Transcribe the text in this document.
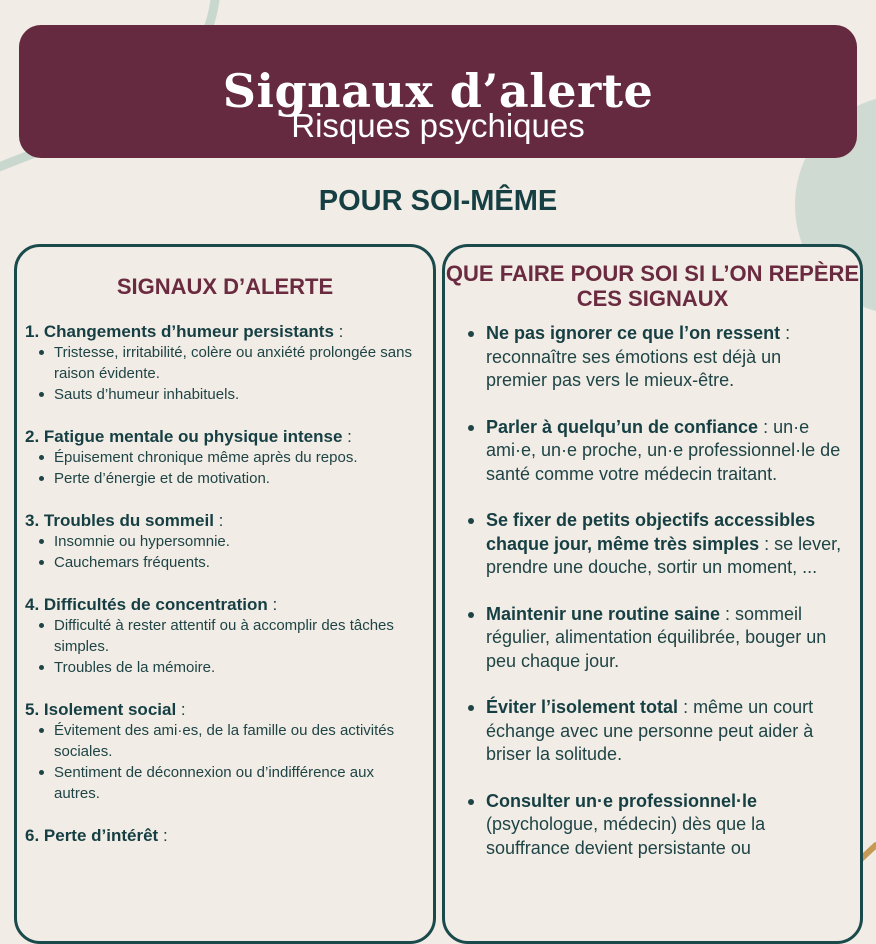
Signaux d’alerte
Risques psychiques
POUR SOI-MÊME
SIGNAUX D’ALERTE
1. Changements d’humeur persistants :
Tristesse, irritabilité, colère ou anxiété prolongée sans raison évidente.
Sauts d’humeur inhabituels.
2. Fatigue mentale ou physique intense :
Épuisement chronique même après du repos.
Perte d’énergie et de motivation.
3. Troubles du sommeil :
Insomnie ou hypersomnie.
Cauchemars fréquents.
4. Difficultés de concentration :
Difficulté à rester attentif ou à accomplir des tâches simples.
Troubles de la mémoire.
5. Isolement social :
Évitement des ami·es, de la famille ou des activités sociales.
Sentiment de déconnexion ou d’indifférence aux autres.
6. Perte d’intérêt :
QUE FAIRE POUR SOI SI L’ON REPÈRE CES SIGNAUX
Ne pas ignorer ce que l’on ressent : reconnaître ses émotions est déjà un premier pas vers le mieux-être.
Parler à quelqu’un de confiance : un·e ami·e, un·e proche, un·e professionnel·le de santé comme votre médecin traitant.
Se fixer de petits objectifs accessibles chaque jour, même très simples : se lever, prendre une douche, sortir un moment, ...
Maintenir une routine saine : sommeil régulier, alimentation équilibrée, bouger un peu chaque jour.
Éviter l’isolement total : même un court échange avec une personne peut aider à briser la solitude.
Consulter un·e professionnel·le (psychologue, médecin) dès que la souffrance devient persistante ou
